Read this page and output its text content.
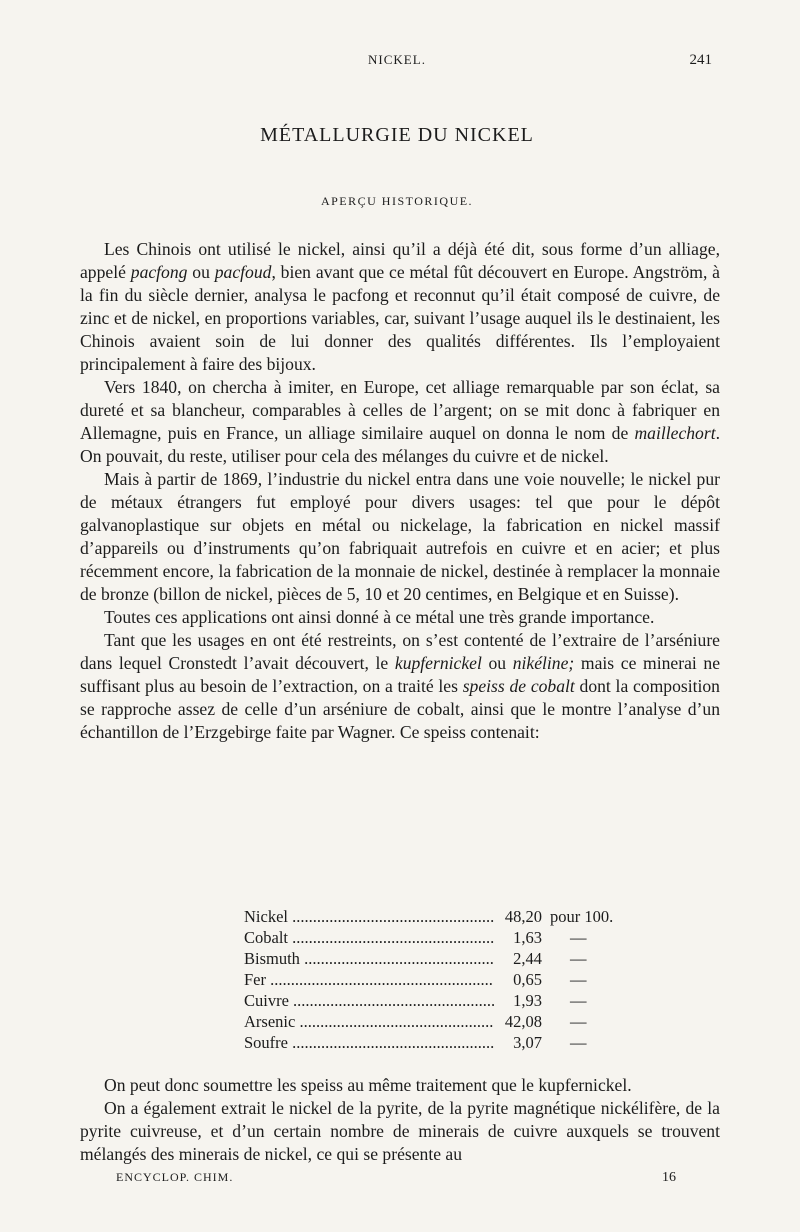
NICKEL.	241
MÉTALLURGIE DU NICKEL
APERÇU HISTORIQUE.

Les Chinois ont utilisé le nickel, ainsi qu’il a déjà été dit, sous forme d’un alliage, appelé pacfong ou pacfoud, bien avant que ce métal fût découvert en Europe. Angström, à la fin du siècle dernier, analysa le pacfong et reconnut qu’il était composé de cuivre, de zinc et de nickel, en proportions variables, car, suivant l’usage auquel ils le destinaient, les Chinois avaient soin de lui donner des qualités différentes. Ils l’employaient principalement à faire des bijoux.

Vers 1840, on chercha à imiter, en Europe, cet alliage remarquable par son éclat, sa dureté et sa blancheur, comparables à celles de l’argent; on se mit donc à fabriquer en Allemagne, puis en France, un alliage similaire auquel on donna le nom de maillechort. On pouvait, du reste, utiliser pour cela des mélanges du cuivre et de nickel.

Mais à partir de 1869, l’industrie du nickel entra dans une voie nouvelle; le nickel pur de métaux étrangers fut employé pour divers usages: tel que pour le dépôt galvanoplastique sur objets en métal ou nickelage, la fabrication en nickel massif d’appareils ou d’instruments qu’on fabriquait autrefois en cuivre et en acier; et plus récemment encore, la fabrication de la monnaie de nickel, destinée à remplacer la monnaie de bronze (billon de nickel, pièces de 5, 10 et 20 centimes, en Belgique et en Suisse).

Toutes ces applications ont ainsi donné à ce métal une très grande importance.

Tant que les usages en ont été restreints, on s’est contenté de l’extraire de l’arséniure dans lequel Cronstedt l’avait découvert, le kupfernickel ou nikéline; mais ce minerai ne suffisant plus au besoin de l’extraction, on a traité les speiss de cobalt dont la composition se rapproche assez de celle d’un arséniure de cobalt, ainsi que le montre l’analyse d’un échantillon de l’Erzgebirge faite par Wagner. Ce speiss contenait:

Nickel .....	48,20 pour 100.
Cobalt .....	1,63	—
Bismuth .....	2,44	—
Fer .....	0,65	—
Cuivre .....	1,93	—
Arsenic .....	42,08	—
Soufre .....	3,07	—

On peut donc soumettre les speiss au même traitement que le kupfernickel.

On a également extrait le nickel de la pyrite, de la pyrite magnétique nickélifère, de la pyrite cuivreuse, et d’un certain nombre de minerais de cuivre auxquels se trouvent mélangés des minerais de nickel, ce qui se présente au

ENCYCLOP. CHIM.	16
